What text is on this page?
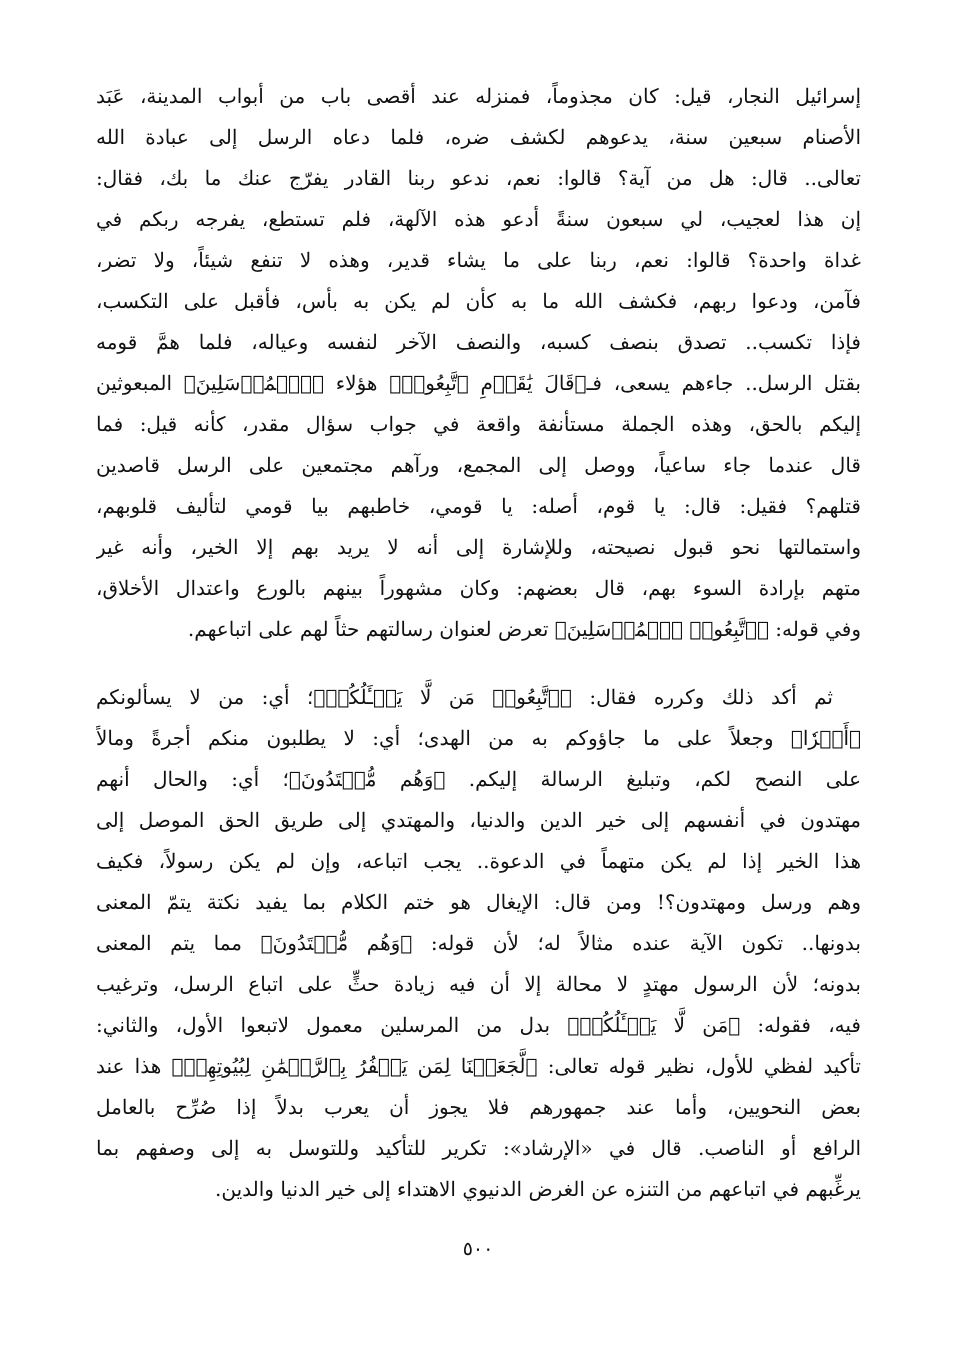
إسرائيل النجار، قيل: كان مجذوماً، فمنزله عند أقصى باب من أبواب المدينة، عَبَد
الأصنام سبعين سنة، يدعوهم لكشف ضره، فلما دعاه الرسل إلى عبادة الله
تعالى.. قال: هل من آية؟ قالوا: نعم، ندعو ربنا القادر يفرّج عنك ما بك، فقال:
إن هذا لعجيب، لي سبعون سنةً أدعو هذه الآلهة، فلم تستطع، يفرجه ربكم في
غداة واحدة؟ قالوا: نعم، ربنا على ما يشاء قدير، وهذه لا تنفع شيئاً، ولا تضر،
فآمن، ودعوا ربهم، فكشف الله ما به كأن لم يكن به بأس، فأقبل على التكسب،
فإذا تكسب.. تصدق بنصف كسبه، والنصف الآخر لنفسه وعياله، فلما همَّ قومه
بقتل الرسل.. جاءهم يسعى، فـ﴿قَالَ يَٰقَوۡمِ ٱتَّبِعُوا۟﴾ هؤلاء ﴿ٱلۡمُرۡسَلِينَ﴾ المبعوثين
إليكم بالحق، وهذه الجملة مستأنفة واقعة في جواب سؤال مقدر، كأنه قيل: فما
قال عندما جاء ساعياً، ووصل إلى المجمع، ورآهم مجتمعين على الرسل قاصدين
قتلهم؟ فقيل: قال: يا قوم، أصله: يا قومي، خاطبهم بيا قومي لتأليف قلوبهم،
واستمالتها نحو قبول نصيحته، وللإشارة إلى أنه لا يريد بهم إلا الخير، وأنه غير
متهم بإرادة السوء بهم، قال بعضهم: وكان مشهوراً بينهم بالورع واعتدال الأخلاق،
وفي قوله: ﴿ٱتَّبِعُوا۟ ٱلۡمُرۡسَلِينَ﴾ تعرض لعنوان رسالتهم حثاً لهم على اتباعهم.
ثم أكد ذلك وكرره فقال: ﴿ٱتَّبِعُوا۟ مَن لَّا يَسۡـَٔلُكُمۡ﴾؛ أي: من لا يسألونكم
﴿أَجۡرٗا﴾ وجعلاً على ما جاؤوكم به من الهدى؛ أي: لا يطلبون منكم أجرةً ومالاً
على النصح لكم، وتبليغ الرسالة إليكم. ﴿وَهُم مُّهۡتَدُونَ﴾؛ أي: والحال أنهم
مهتدون في أنفسهم إلى خير الدين والدنيا، والمهتدي إلى طريق الحق الموصل إلى
هذا الخير إذا لم يكن متهماً في الدعوة.. يجب اتباعه، وإن لم يكن رسولاً، فكيف
وهم ورسل ومهتدون؟! ومن قال: الإيغال هو ختم الكلام بما يفيد نكتة يتمّ المعنى
بدونها.. تكون الآية عنده مثالاً له؛ لأن قوله: ﴿وَهُم مُّهۡتَدُونَ﴾ مما يتم المعنى
بدونه؛ لأن الرسول مهتدٍ لا محالة إلا أن فيه زيادة حثٍّ على اتباع الرسل، وترغيب
فيه، فقوله: ﴿مَن لَّا يَسۡـَٔلُكُمۡ﴾ بدل من المرسلين معمول لاتبعوا الأول، والثاني:
تأكيد لفظي للأول، نظير قوله تعالى: ﴿لَّجَعَلۡنَا لِمَن يَكۡفُرُ بِٱلرَّحۡمَٰنِ لِبُيُوتِهِمۡ﴾ هذا عند
بعض النحويين، وأما عند جمهورهم فلا يجوز أن يعرب بدلاً إذا صُرِّح بالعامل
الرافع أو الناصب. قال في «الإرشاد»: تكرير للتأكيد وللتوسل به إلى وصفهم بما
يرغِّبهم في اتباعهم من التنزه عن الغرض الدنيوي الاهتداء إلى خير الدنيا والدين.
٥٠٠
